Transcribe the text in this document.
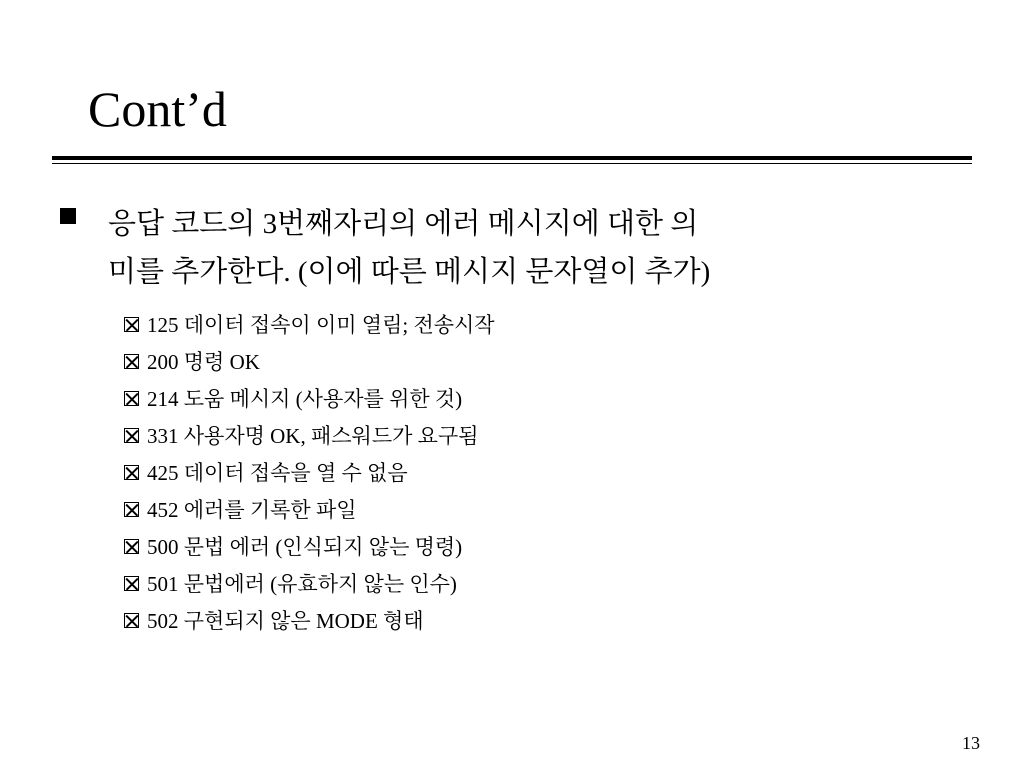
Cont’d
응답 코드의 3번째자리의 에러 메시지에 대한 의
미를 추가한다. (이에 따른 메시지 문자열이 추가)
125 데이터 접속이 이미 열림; 전송시작
200 명령 OK
214 도움 메시지 (사용자를 위한 것)
331 사용자명 OK, 패스워드가 요구됨
425 데이터 접속을 열 수 없음
452 에러를 기록한 파일
500 문법 에러 (인식되지 않는 명령)
501 문법에러 (유효하지 않는 인수)
502 구현되지 않은 MODE 형태
13
